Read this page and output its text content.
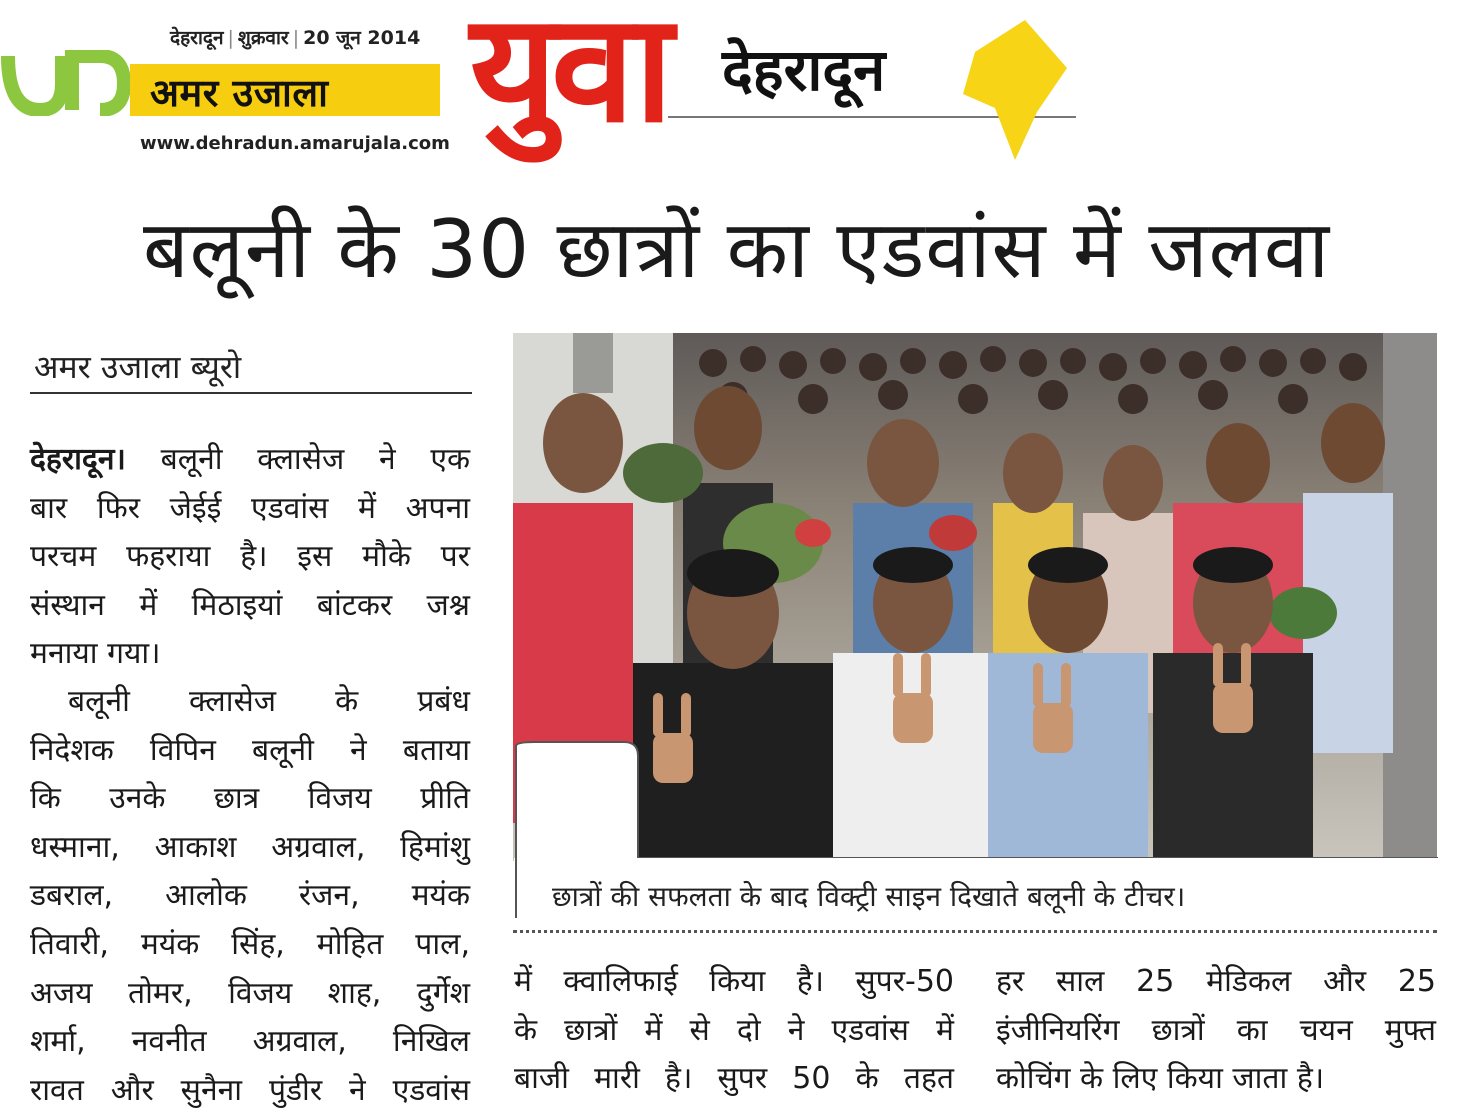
देहरादून | शुक्रवार | 20 जून 2014
अमर उजाला
www.dehradun.amarujala.com युवा देहरादून
बलूनी के 30 छात्रों का एडवांस में जलवा
अमर उजाला ब्यूरो
देहरादून। बलूनी क्लासेज ने एक
बार फिर जेईई एडवांस में अपना
परचम फहराया है। इस मौके पर
संस्थान में मिठाइयां बांटकर जश्न
मनाया गया।
बलूनी क्लासेज के प्रबंध
निदेशक विपिन बलूनी ने बताया
कि उनके छात्र विजय प्रीति
धस्माना, आकाश अग्रवाल, हिमांशु
डबराल, आलोक रंजन, मयंक
तिवारी, मयंक सिंह, मोहित पाल,
अजय तोमर, विजय शाह, दुर्गेश
शर्मा, नवनीत अग्रवाल, निखिल
रावत और सुनैना पुंडीर ने एडवांस
छात्रों की सफलता के बाद विक्ट्री साइन दिखाते बलूनी के टीचर।
में क्वालिफाई किया है। सुपर-50
के छात्रों में से दो ने एडवांस में
बाजी मारी है। सुपर 50 के तहत
हर साल 25 मेडिकल और 25
इंजीनियरिंग छात्रों का चयन मुफ्त
कोचिंग के लिए किया जाता है।
